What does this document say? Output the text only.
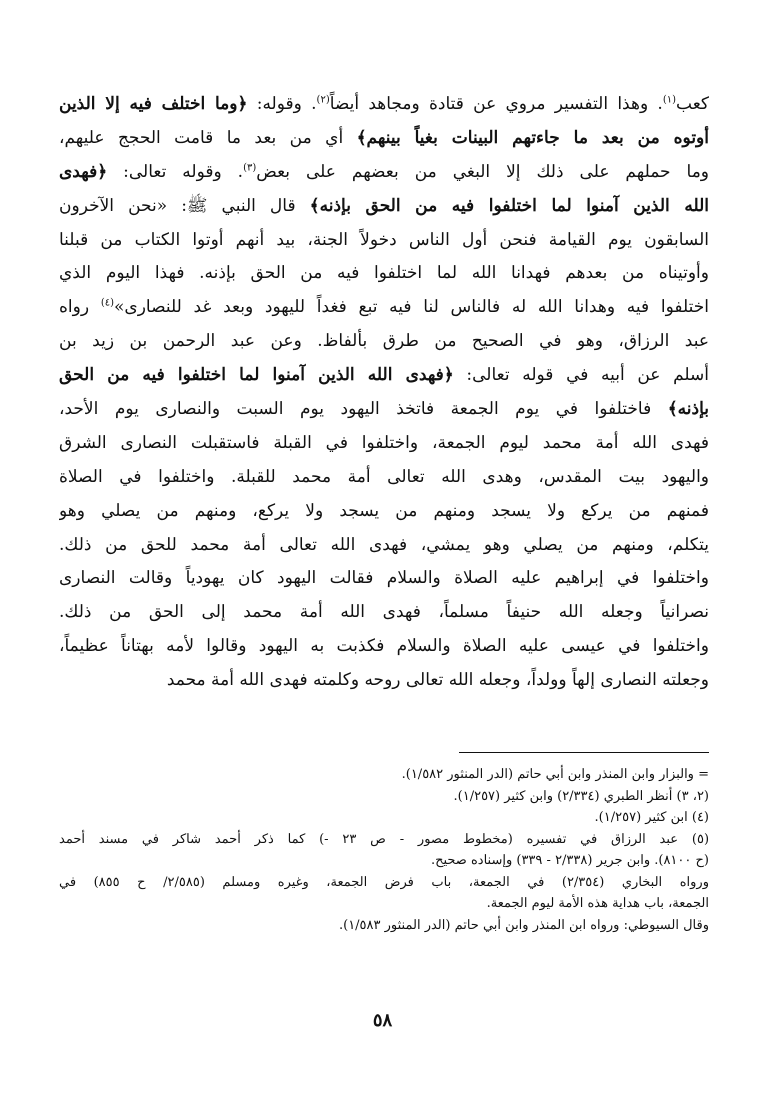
كعب$^{(١)}$. وهذا التفسير مروي عن قتادة ومجاهد أيضاً$^{(٢)}$. وقوله: ﴿وما اختلف فيه إلا الذين
أوتوه من بعد ما جاءتهم البينات بغياً بينهم﴾ أي من بعد ما قامت الحجج عليهم،
وما حملهم على ذلك إلا البغي من بعضهم على بعض$^{(٣)}$. وقوله تعالى: ﴿فهدى
الله الذين آمنوا لما اختلفوا فيه من الحق بإذنه﴾ قال النبي ﷺ: «نحن الآخرون
السابقون يوم القيامة فنحن أول الناس دخولاً الجنة، بيد أنهم أوتوا الكتاب من قبلنا
وأوتيناه من بعدهم فهدانا الله لما اختلفوا فيه من الحق بإذنه. فهذا اليوم الذي
اختلفوا فيه وهدانا الله له فالناس لنا فيه تبع فغداً لليهود وبعد غد للنصارى»$^{(٤)}$ رواه
عبد الرزاق، وهو في الصحيح من طرق بألفاظ. وعن عبد الرحمن بن زيد بن
أسلم عن أبيه في قوله تعالى: ﴿فهدى الله الذين آمنوا لما اختلفوا فيه من الحق
بإذنه﴾ فاختلفوا في يوم الجمعة فاتخذ اليهود يوم السبت والنصارى يوم الأحد،
فهدى الله أمة محمد ليوم الجمعة، واختلفوا في القبلة فاستقبلت النصارى الشرق
واليهود بيت المقدس، وهدى الله تعالى أمة محمد للقبلة. واختلفوا في الصلاة
فمنهم من يركع ولا يسجد ومنهم من يسجد ولا يركع، ومنهم من يصلي وهو
يتكلم، ومنهم من يصلي وهو يمشي، فهدى الله تعالى أمة محمد للحق من ذلك.
واختلفوا في إبراهيم عليه الصلاة والسلام فقالت اليهود كان يهودياً وقالت النصارى
نصرانياً وجعله الله حنيفاً مسلماً، فهدى الله أمة محمد إلى الحق من ذلك.
واختلفوا في عيسى عليه الصلاة والسلام فكذبت به اليهود وقالوا لأمه بهتاناً عظيماً،
وجعلته النصارى إلهاً وولداً، وجعله الله تعالى روحه وكلمته فهدى الله أمة محمد
= والبزار وابن المنذر وابن أبي حاتم (الدر المنثور ١/٥٨٢).
(٢، ٣) أنظر الطبري (٢/٣٣٤) وابن كثير (١/٢٥٧).
(٤) ابن كثير (١/٢٥٧).
(٥) عبد الرزاق في تفسيره (مخطوط مصور - ص ٢٣ -) كما ذكر أحمد شاكر في مسند أحمد
(ح ٨١٠٠). وابن جرير (٢/٣٣٨ - ٣٣٩) وإسناده صحيح.
ورواه البخاري (٢/٣٥٤) في الجمعة، باب فرض الجمعة، وغيره ومسلم (٢/٥٨٥/ ح ٨٥٥) في
الجمعة، باب هداية هذه الأمة ليوم الجمعة.
وقال السيوطي: ورواه ابن المنذر وابن أبي حاتم (الدر المنثور ١/٥٨٣).
٥٨
